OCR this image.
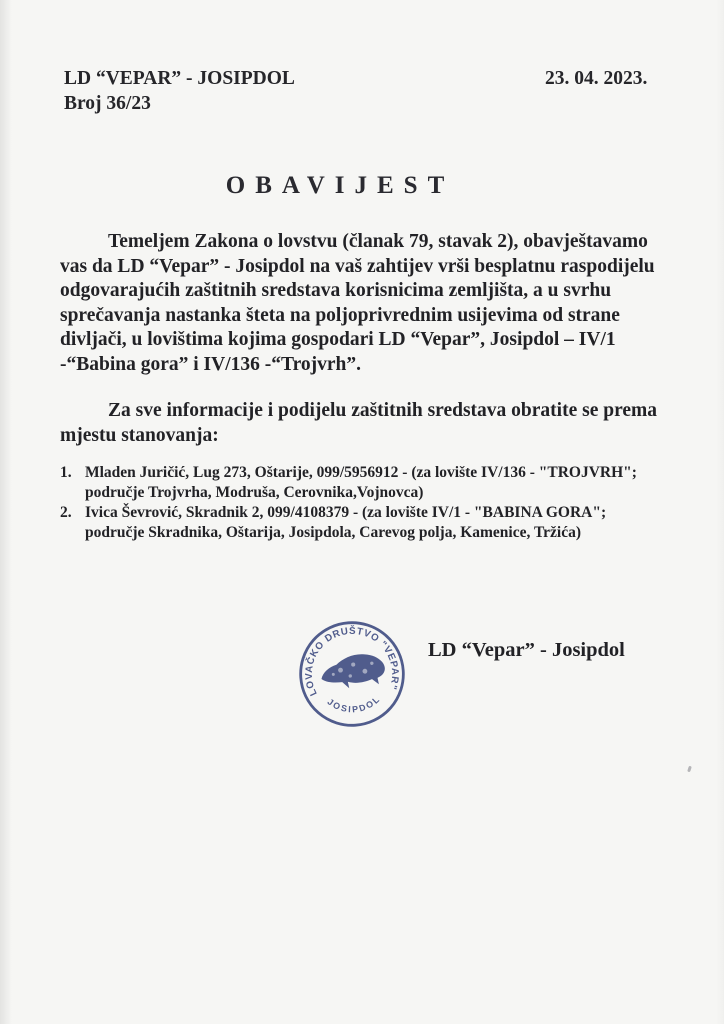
LD “VEPAR” - JOSIPDOL	23. 04. 2023.
Broj 36/23
OBAVIJEST

Temeljem Zakona o lovstvu (članak 79, stavak 2), obavještavamo vas da LD “Vepar” - Josipdol na vaš zahtijev vrši besplatnu raspodijelu odgovarajućih zaštitnih sredstava korisnicima zemljišta, a u svrhu sprečavanja nastanka šteta na poljoprivrednim usijevima od strane divljači, u lovištima kojima gospodari LD “Vepar”, Josipdol – IV/1 -“Babina gora” i IV/136 -“Trojvrh”.

Za sve informacije i podijelu zaštitnih sredstava obratite se prema mjestu stanovanja:

1. Mladen Juričić, Lug 273, Oštarije, 099/5956912 - (za lovište IV/136 - "TROJVRH"; područje Trojvrha, Modruša, Cerovnika,Vojnovca)
2. Ivica Ševrović, Skradnik 2, 099/4108379 - (za lovište IV/1 - "BABINA GORA"; područje Skradnika, Oštarija, Josipdola, Carevog polja, Kamenice, Tržića)
LOVAČKO DRUŠTVO "VEPAR"
JOSIPDOL
LD “Vepar” - Josipdol
